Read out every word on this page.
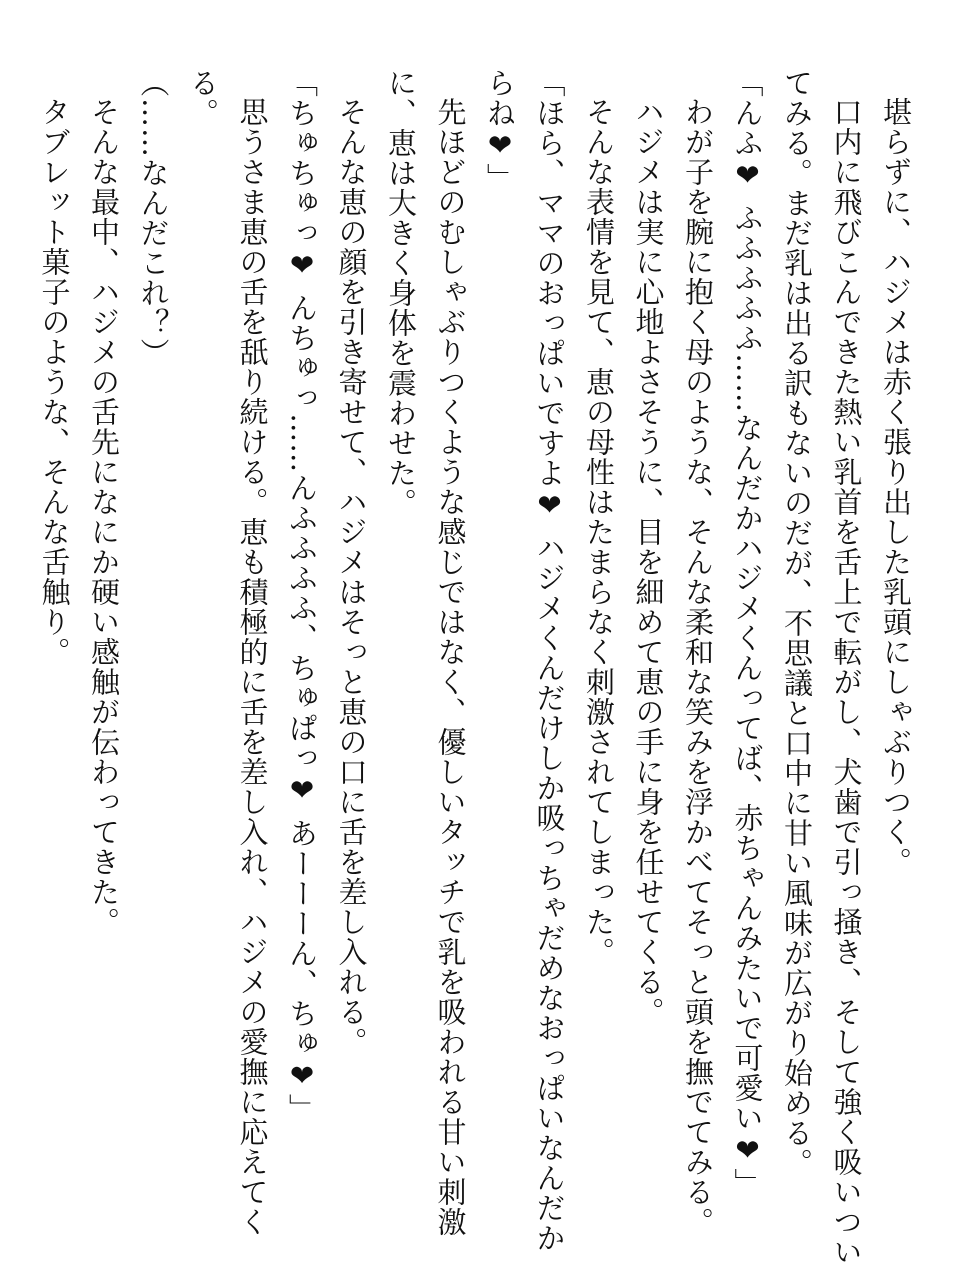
堪らずに、ハジメは赤く張り出した乳頭にしゃぶりつく。
口内に飛びこんできた熱い乳首を舌上で転がし、犬歯で引っ掻き、そして強く吸いつい
てみる。まだ乳は出る訳もないのだが、不思議と口中に甘い風味が広がり始める。
「んふ❤ ふふふふふ……なんだかハジメくんってば、赤ちゃんみたいで可愛い❤」
わが子を腕に抱く母のような、そんな柔和な笑みを浮かべてそっと頭を撫でてみる。
ハジメは実に心地よさそうに、目を細めて恵の手に身を任せてくる。
そんな表情を見て、恵の母性はたまらなく刺激されてしまった。
「ほら、ママのおっぱいですよ❤ ハジメくんだけしか吸っちゃだめなおっぱいなんだか
らね❤」
先ほどのむしゃぶりつくような感じではなく、優しいタッチで乳を吸われる甘い刺激
に、恵は大きく身体を震わせた。
そんな恵の顔を引き寄せて、ハジメはそっと恵の口に舌を差し入れる。
「ちゅちゅっ❤ んちゅっ……んふふふふ、ちゅぱっ❤ あーーーん、ちゅ❤」
思うさま恵の舌を舐り続ける。恵も積極的に舌を差し入れ、ハジメの愛撫に応えてく
る。
（……なんだこれ？）
そんな最中、ハジメの舌先になにか硬い感触が伝わってきた。
タブレット菓子のような、そんな舌触り。
